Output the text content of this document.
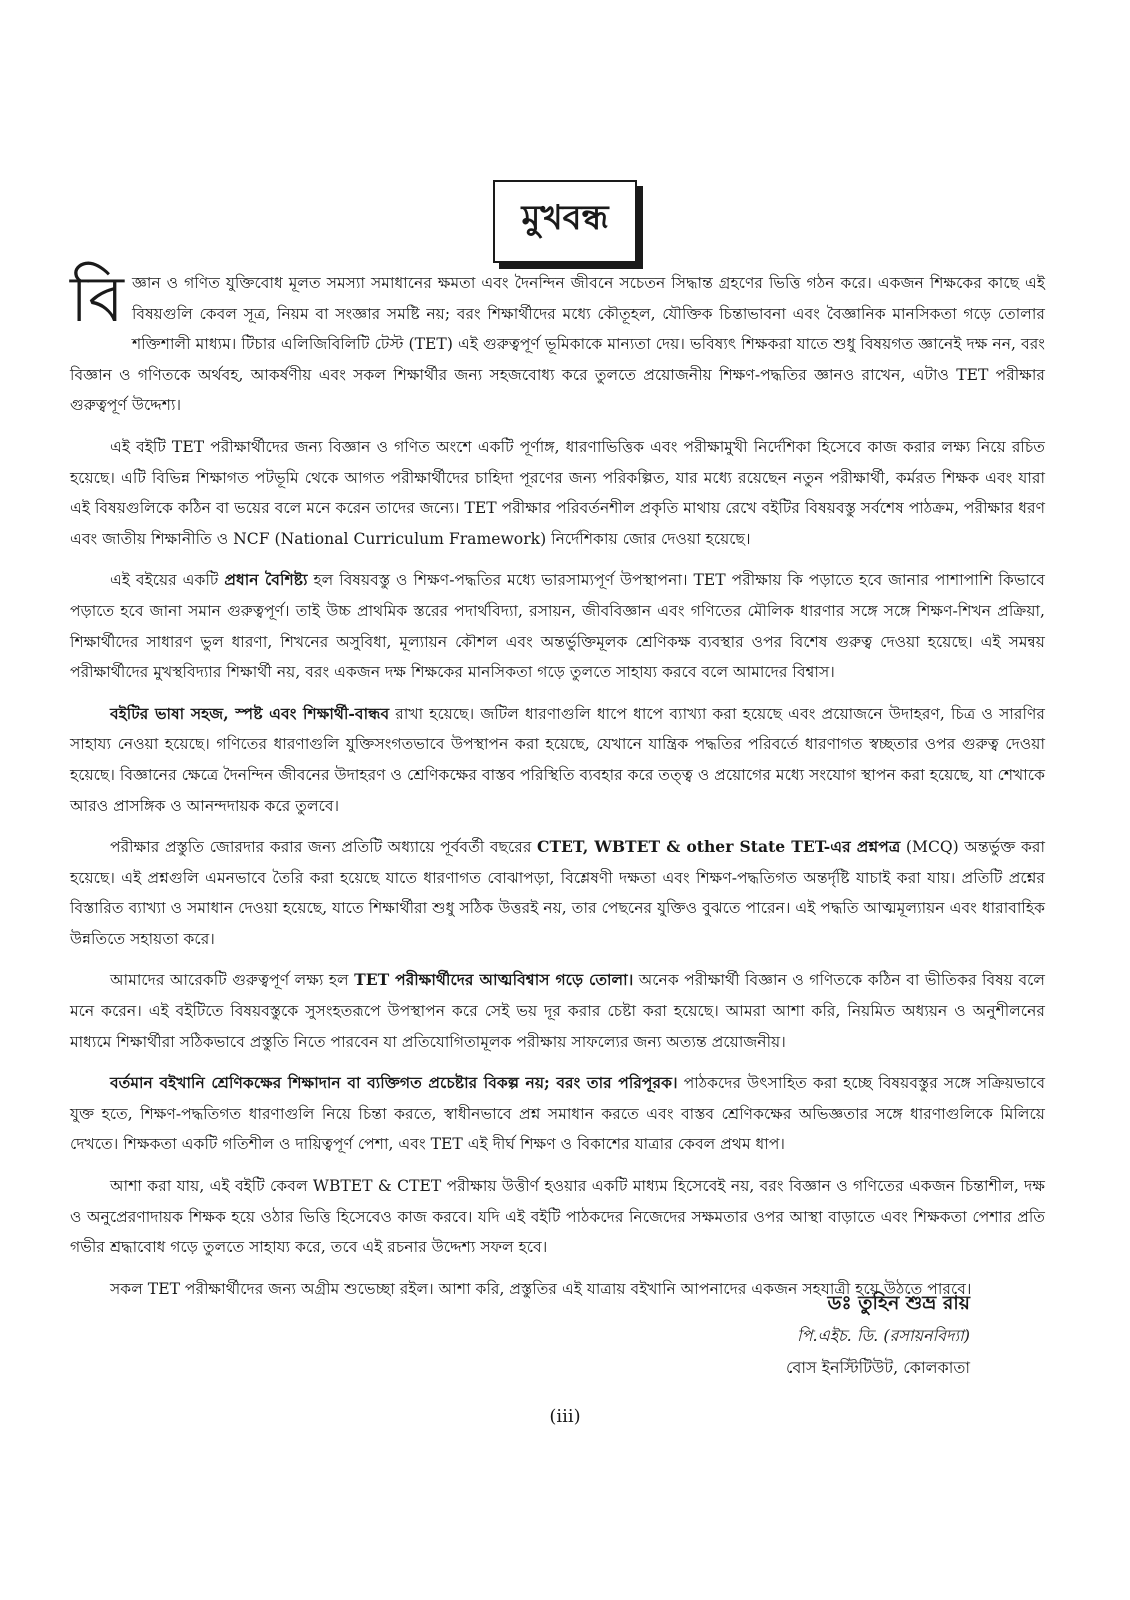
মুখবন্ধ

বিজ্ঞান ও গণিত যুক্তিবোধ মূলত সমস্যা সমাধানের ক্ষমতা এবং দৈনন্দিন জীবনে সচেতন সিদ্ধান্ত গ্রহণের ভিত্তি গঠন করে। একজন শিক্ষকের কাছে এই বিষয়গুলি কেবল সূত্র, নিয়ম বা সংজ্ঞার সমষ্টি নয়; বরং শিক্ষার্থীদের মধ্যে কৌতূহল, যৌক্তিক চিন্তাভাবনা এবং বৈজ্ঞানিক মানসিকতা গড়ে তোলার শক্তিশালী মাধ্যম। টিচার এলিজিবিলিটি টেস্ট (TET) এই গুরুত্বপূর্ণ ভূমিকাকে মান্যতা দেয়। ভবিষ্যৎ শিক্ষকরা যাতে শুধু বিষয়গত জ্ঞানেই দক্ষ নন, বরং বিজ্ঞান ও গণিতকে অর্থবহ, আকর্ষণীয় এবং সকল শিক্ষার্থীর জন্য সহজবোধ্য করে তুলতে প্রয়োজনীয় শিক্ষণ-পদ্ধতির জ্ঞানও রাখেন, এটাও TET পরীক্ষার গুরুত্বপূর্ণ উদ্দেশ্য।

এই বইটি TET পরীক্ষার্থীদের জন্য বিজ্ঞান ও গণিত অংশে একটি পূর্ণাঙ্গ, ধারণাভিত্তিক এবং পরীক্ষামুখী নির্দেশিকা হিসেবে কাজ করার লক্ষ্য নিয়ে রচিত হয়েছে। এটি বিভিন্ন শিক্ষাগত পটভূমি থেকে আগত পরীক্ষার্থীদের চাহিদা পূরণের জন্য পরিকল্পিত, যার মধ্যে রয়েছেন নতুন পরীক্ষার্থী, কর্মরত শিক্ষক এবং যারা এই বিষয়গুলিকে কঠিন বা ভয়ের বলে মনে করেন তাদের জন্যে। TET পরীক্ষার পরিবর্তনশীল প্রকৃতি মাথায় রেখে বইটির বিষয়বস্তু সর্বশেষ পাঠক্রম, পরীক্ষার ধরণ এবং জাতীয় শিক্ষানীতি ও NCF (National Curriculum Framework) নির্দেশিকায় জোর দেওয়া হয়েছে।

এই বইয়ের একটি প্রধান বৈশিষ্ট্য হল বিষয়বস্তু ও শিক্ষণ-পদ্ধতির মধ্যে ভারসাম্যপূর্ণ উপস্থাপনা। TET পরীক্ষায় কি পড়াতে হবে জানার পাশাপাশি কিভাবে পড়াতে হবে জানা সমান গুরুত্বপূর্ণ। তাই উচ্চ প্রাথমিক স্তরের পদার্থবিদ্যা, রসায়ন, জীববিজ্ঞান এবং গণিতের মৌলিক ধারণার সঙ্গে সঙ্গে শিক্ষণ-শিখন প্রক্রিয়া, শিক্ষার্থীদের সাধারণ ভুল ধারণা, শিখনের অসুবিধা, মূল্যায়ন কৌশল এবং অন্তর্ভুক্তিমূলক শ্রেণিকক্ষ ব্যবস্থার ওপর বিশেষ গুরুত্ব দেওয়া হয়েছে। এই সমন্বয় পরীক্ষার্থীদের মুখস্থবিদ্যার শিক্ষার্থী নয়, বরং একজন দক্ষ শিক্ষকের মানসিকতা গড়ে তুলতে সাহায্য করবে বলে আমাদের বিশ্বাস।

বইটির ভাষা সহজ, স্পষ্ট এবং শিক্ষার্থী-বান্ধব রাখা হয়েছে। জটিল ধারণাগুলি ধাপে ধাপে ব্যাখ্যা করা হয়েছে এবং প্রয়োজনে উদাহরণ, চিত্র ও সারণির সাহায্য নেওয়া হয়েছে। গণিতের ধারণাগুলি যুক্তিসংগতভাবে উপস্থাপন করা হয়েছে, যেখানে যান্ত্রিক পদ্ধতির পরিবর্তে ধারণাগত স্বচ্ছতার ওপর গুরুত্ব দেওয়া হয়েছে। বিজ্ঞানের ক্ষেত্রে দৈনন্দিন জীবনের উদাহরণ ও শ্রেণিকক্ষের বাস্তব পরিস্থিতি ব্যবহার করে তত্ত্ব ও প্রয়োগের মধ্যে সংযোগ স্থাপন করা হয়েছে, যা শেখাকে আরও প্রাসঙ্গিক ও আনন্দদায়ক করে তুলবে।

পরীক্ষার প্রস্তুতি জোরদার করার জন্য প্রতিটি অধ্যায়ে পূর্ববর্তী বছরের CTET, WBTET & other State TET-এর প্রশ্নপত্র (MCQ) অন্তর্ভুক্ত করা হয়েছে। এই প্রশ্নগুলি এমনভাবে তৈরি করা হয়েছে যাতে ধারণাগত বোঝাপড়া, বিশ্লেষণী দক্ষতা এবং শিক্ষণ-পদ্ধতিগত অন্তর্দৃষ্টি যাচাই করা যায়। প্রতিটি প্রশ্নের বিস্তারিত ব্যাখ্যা ও সমাধান দেওয়া হয়েছে, যাতে শিক্ষার্থীরা শুধু সঠিক উত্তরই নয়, তার পেছনের যুক্তিও বুঝতে পারেন। এই পদ্ধতি আত্মমূল্যায়ন এবং ধারাবাহিক উন্নতিতে সহায়তা করে।

আমাদের আরেকটি গুরুত্বপূর্ণ লক্ষ্য হল TET পরীক্ষার্থীদের আত্মবিশ্বাস গড়ে তোলা। অনেক পরীক্ষার্থী বিজ্ঞান ও গণিতকে কঠিন বা ভীতিকর বিষয় বলে মনে করেন। এই বইটিতে বিষয়বস্তুকে সুসংহতরূপে উপস্থাপন করে সেই ভয় দূর করার চেষ্টা করা হয়েছে। আমরা আশা করি, নিয়মিত অধ্যয়ন ও অনুশীলনের মাধ্যমে শিক্ষার্থীরা সঠিকভাবে প্রস্তুতি নিতে পারবেন যা প্রতিযোগিতামূলক পরীক্ষায় সাফল্যের জন্য অত্যন্ত প্রয়োজনীয়।

বর্তমান বইখানি শ্রেণিকক্ষের শিক্ষাদান বা ব্যক্তিগত প্রচেষ্টার বিকল্প নয়; বরং তার পরিপূরক। পাঠকদের উৎসাহিত করা হচ্ছে বিষয়বস্তুর সঙ্গে সক্রিয়ভাবে যুক্ত হতে, শিক্ষণ-পদ্ধতিগত ধারণাগুলি নিয়ে চিন্তা করতে, স্বাধীনভাবে প্রশ্ন সমাধান করতে এবং বাস্তব শ্রেণিকক্ষের অভিজ্ঞতার সঙ্গে ধারণাগুলিকে মিলিয়ে দেখতে। শিক্ষকতা একটি গতিশীল ও দায়িত্বপূর্ণ পেশা, এবং TET এই দীর্ঘ শিক্ষণ ও বিকাশের যাত্রার কেবল প্রথম ধাপ।

আশা করা যায়, এই বইটি কেবল WBTET & CTET পরীক্ষায় উত্তীর্ণ হওয়ার একটি মাধ্যম হিসেবেই নয়, বরং বিজ্ঞান ও গণিতের একজন চিন্তাশীল, দক্ষ ও অনুপ্রেরণাদায়ক শিক্ষক হয়ে ওঠার ভিত্তি হিসেবেও কাজ করবে। যদি এই বইটি পাঠকদের নিজেদের সক্ষমতার ওপর আস্থা বাড়াতে এবং শিক্ষকতা পেশার প্রতি গভীর শ্রদ্ধাবোধ গড়ে তুলতে সাহায্য করে, তবে এই রচনার উদ্দেশ্য সফল হবে।

সকল TET পরীক্ষার্থীদের জন্য অগ্রীম শুভেচ্ছা রইল। আশা করি, প্রস্তুতির এই যাত্রায় বইখানি আপনাদের একজন সহযাত্রী হয়ে উঠতে পারবে।

ডঃ তুহিন শুভ্র রায়
পি.এইচ. ডি. (রসায়নবিদ্যা)
বোস ইনস্টিটিউট, কোলকাতা
(iii)
